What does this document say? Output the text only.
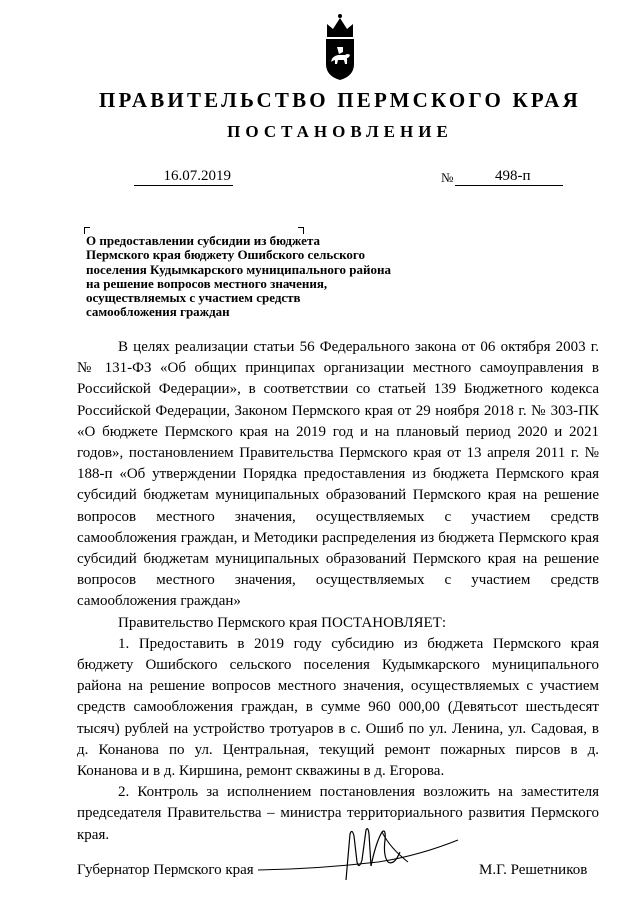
ПРАВИТЕЛЬСТВО ПЕРМСКОГО КРАЯ
ПОСТАНОВЛЕНИЕ
16.07.2019	№	498-п
О предоставлении субсидии из бюджета
Пермского края бюджету Ошибского сельского
поселения Кудымкарского муниципального района
на решение вопросов местного значения,
осуществляемых с участием средств
самообложения граждан

В целях реализации статьи 56 Федерального закона от 06 октября 2003 г. № 131-ФЗ «Об общих принципах организации местного самоуправления в Российской Федерации», в соответствии со статьей 139 Бюджетного кодекса Российской Федерации, Законом Пермского края от 29 ноября 2018 г. № 303-ПК «О бюджете Пермского края на 2019 год и на плановый период 2020 и 2021 годов», постановлением Правительства Пермского края от 13 апреля 2011 г. № 188-п «Об утверждении Порядка предоставления из бюджета Пермского края субсидий бюджетам муниципальных образований Пермского края на решение вопросов местного значения, осуществляемых с участием средств самообложения граждан, и Методики распределения из бюджета Пермского края субсидий бюджетам муниципальных образований Пермского края на решение вопросов местного значения, осуществляемых с участием средств самообложения граждан»

Правительство Пермского края ПОСТАНОВЛЯЕТ:

1. Предоставить в 2019 году субсидию из бюджета Пермского края бюджету Ошибского сельского поселения Кудымкарского муниципального района на решение вопросов местного значения, осуществляемых с участием средств самообложения граждан, в сумме 960 000,00 (Девятьсот шестьдесят тысяч) рублей на устройство тротуаров в с. Ошиб по ул. Ленина, ул. Садовая, в д. Конанова по ул. Центральная, текущий ремонт пожарных пирсов в д. Конанова и в д. Киршина, ремонт скважины в д. Егорова.

2. Контроль за исполнением постановления возложить на заместителя председателя Правительства – министра территориального развития Пермского края.

Губернатор Пермского края	М.Г. Решетников
